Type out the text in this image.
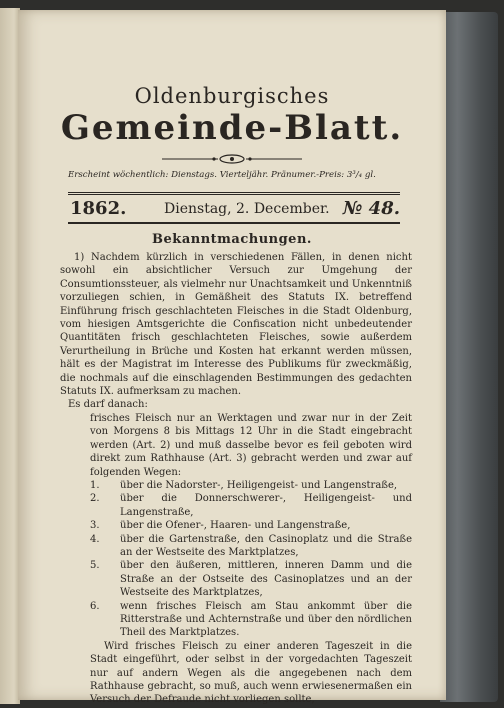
Oldenburgisches
Gemeinde-Blatt.
Erscheint wöchentlich: Dienstags. Vierteljähr. Pränumer.-Preis: 3³/₄ gl.
1862.	Dienstag, 2. December. № 48.
Bekanntmachungen.

1) Nachdem kürzlich in verschiedenen Fällen, in denen nicht sowohl ein absichtlicher Versuch zur Umgehung der Consumtionssteuer, als vielmehr nur Unachtsamkeit und Unkenntniß vorzuliegen schien, in Gemäßheit des Statuts IX. betreffend Einführung frisch geschlachteten Fleisches in die Stadt Oldenburg, vom hiesigen Amtsgerichte die Confiscation nicht unbedeutender Quantitäten frisch geschlachteten Fleisches, sowie außerdem Verurtheilung in Brüche und Kosten hat erkannt werden müssen, hält es der Magistrat im Interesse des Publikums für zweckmäßig, die nochmals auf die einschlagenden Bestimmungen des gedachten Statuts IX. aufmerksam zu machen.

Es darf danach:

frisches Fleisch nur an Werktagen und zwar nur in der Zeit von Morgens 8 bis Mittags 12 Uhr in die Stadt eingebracht werden (Art. 2) und muß dasselbe bevor es feil geboten wird direkt zum Rathhause (Art. 3) gebracht werden und zwar auf folgenden Wegen:

1. über die Nadorster-, Heiligengeist- und Langenstraße,
2. über die Donnerschwerer-, Heiligengeist- und Langenstraße,
3. über die Ofener-, Haaren- und Langenstraße,
4. über die Gartenstraße, den Casinoplatz und die Straße an der Westseite des Marktplatzes,
5. über den äußeren, mittleren, inneren Damm und die Straße an der Ostseite des Casinoplatzes und an der Westseite des Marktplatzes,
6. wenn frisches Fleisch am Stau ankommt über die Ritterstraße und Achternstraße und über den nördlichen Theil des Marktplatzes.

Wird frisches Fleisch zu einer anderen Tageszeit in die Stadt eingeführt, oder selbst in der vorgedachten Tageszeit nur auf andern Wegen als die angegebenen nach dem Rathhause gebracht, so muß, auch wenn erwiesenermaßen ein Versuch der Defraude nicht vorliegen sollte,
